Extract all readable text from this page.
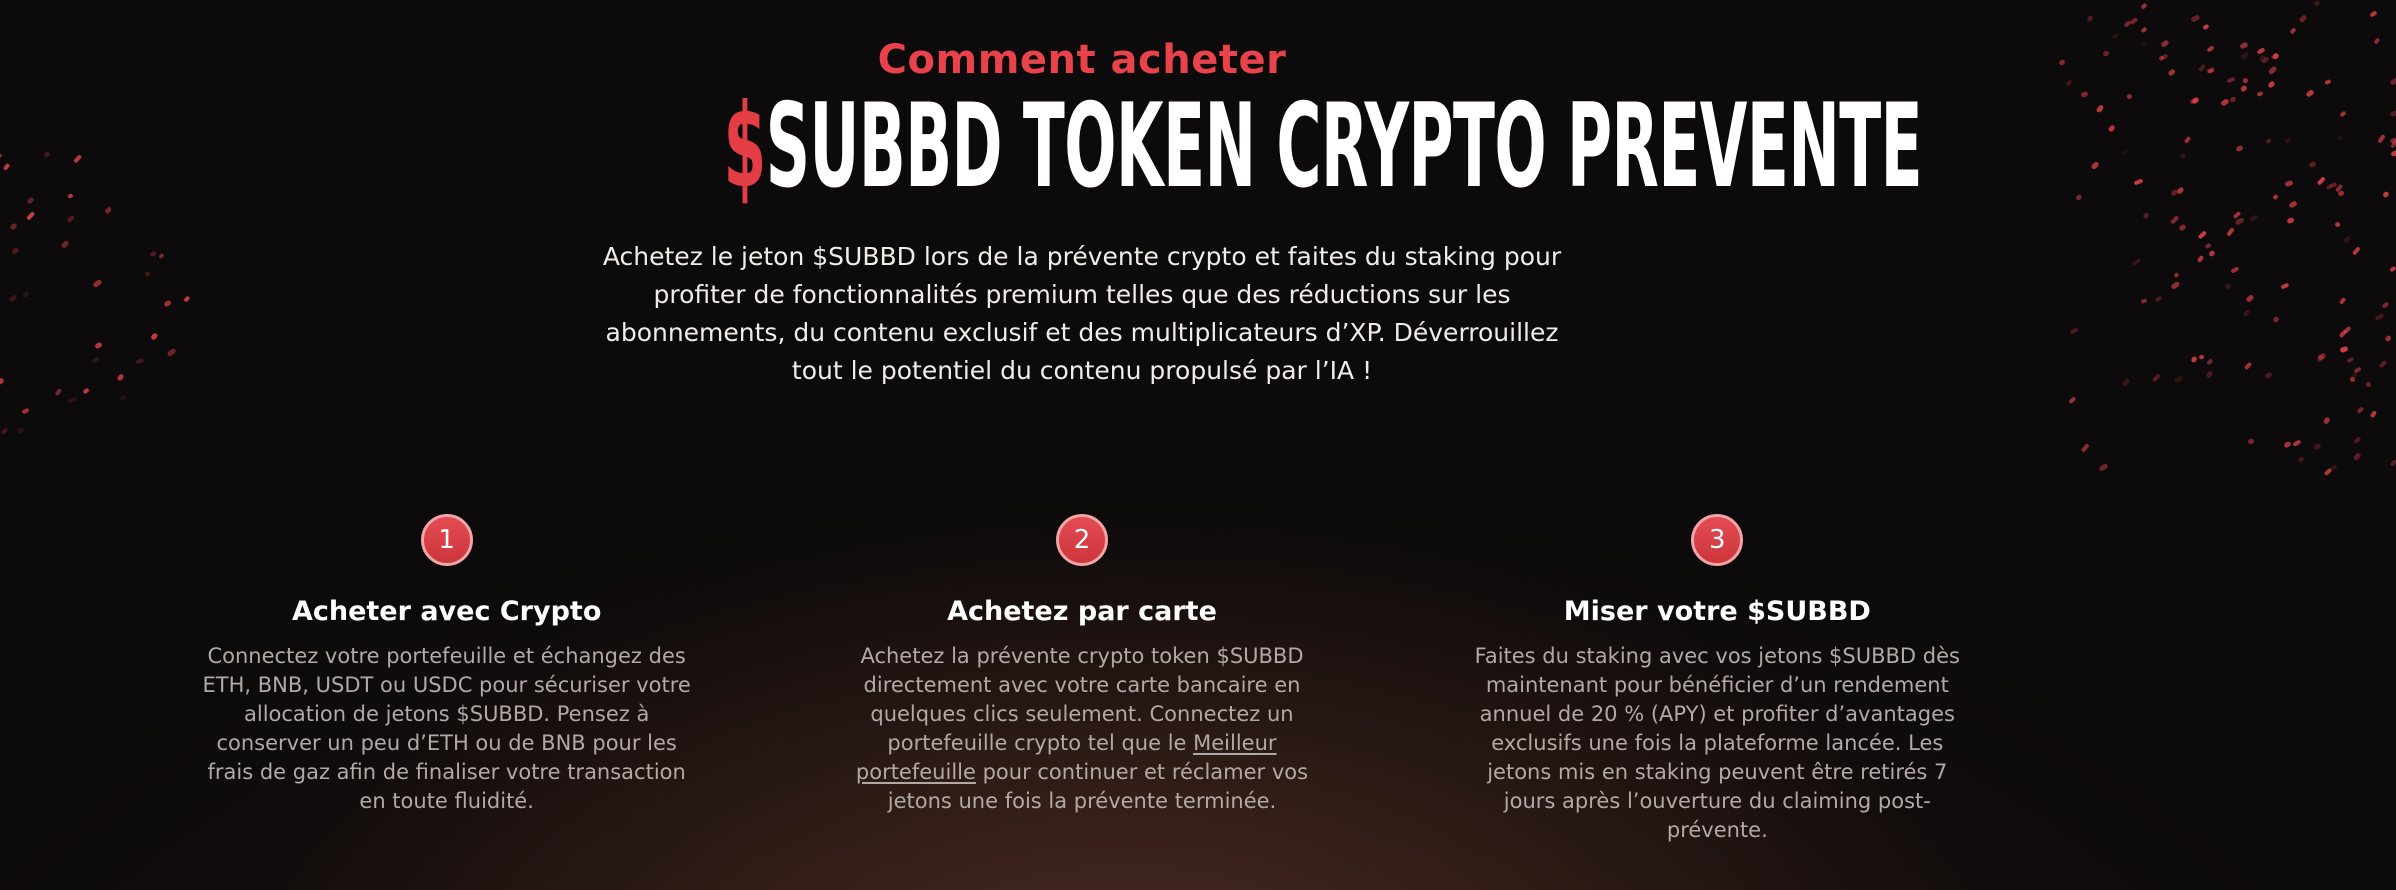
Comment acheter
$SUBBD TOKEN CRYPTO PREVENTE

Achetez le jeton $SUBBD lors de la prévente crypto et faites du staking pour profiter de fonctionnalités premium telles que des réductions sur les abonnements, du contenu exclusif et des multiplicateurs d’XP. Déverrouillez tout le potentiel du contenu propulsé par l’IA !

1
Acheter avec Crypto

Connectez votre portefeuille et échangez des ETH, BNB, USDT ou USDC pour sécuriser votre allocation de jetons $SUBBD. Pensez à conserver un peu d’ETH ou de BNB pour les frais de gaz afin de finaliser votre transaction en toute fluidité.

2
Achetez par carte

Achetez la prévente crypto token $SUBBD directement avec votre carte bancaire en quelques clics seulement. Connectez un portefeuille crypto tel que le Meilleur portefeuille pour continuer et réclamer vos jetons une fois la prévente terminée.

3
Miser votre $SUBBD

Faites du staking avec vos jetons $SUBBD dès maintenant pour bénéficier d’un rendement annuel de 20 % (APY) et profiter d’avantages exclusifs une fois la plateforme lancée. Les jetons mis en staking peuvent être retirés 7 jours après l’ouverture du claiming post-prévente.
